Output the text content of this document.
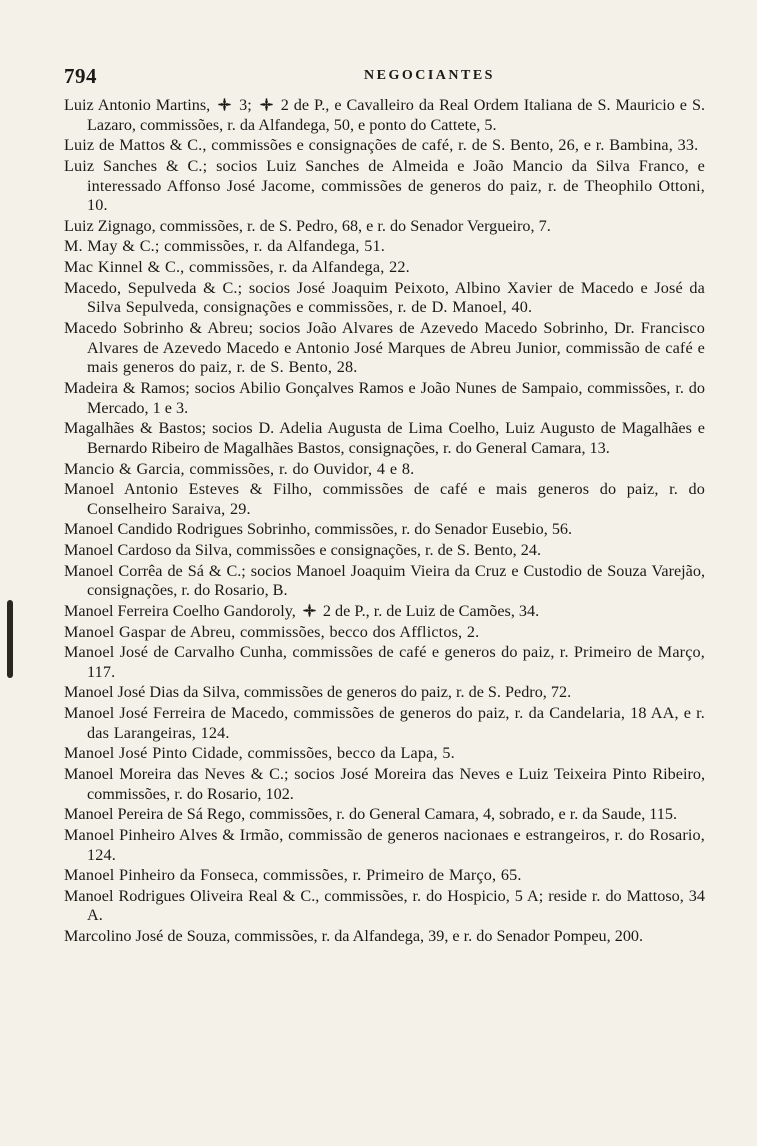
794	NEGOCIANTES
Luiz Antonio Martins, 3; 2 de P., e Cavalleiro da Real Ordem Italiana de S. Mauricio e S. Lazaro, commissões, r. da Alfandega, 50, e ponto do Cattete, 5.
Luiz de Mattos & C., commissões e consignações de café, r. de S. Bento, 26, e r. Bambina, 33.
Luiz Sanches & C.; socios Luiz Sanches de Almeida e João Mancio da Silva Franco, e interessado Affonso José Jacome, commissões de generos do paiz, r. de Theophilo Ottoni, 10.
Luiz Zignago, commissões, r. de S. Pedro, 68, e r. do Senador Vergueiro, 7.
M. May & C.; commissões, r. da Alfandega, 51.
Mac Kinnel & C., commissões, r. da Alfandega, 22.
Macedo, Sepulveda & C.; socios José Joaquim Peixoto, Albino Xavier de Macedo e José da Silva Sepulveda, consignações e commissões, r. de D. Manoel, 40.
Macedo Sobrinho & Abreu; socios João Alvares de Azevedo Macedo Sobrinho, Dr. Francisco Alvares de Azevedo Macedo e Antonio José Marques de Abreu Junior, commissão de café e mais generos do paiz, r. de S. Bento, 28.
Madeira & Ramos; socios Abilio Gonçalves Ramos e João Nunes de Sampaio, commissões, r. do Mercado, 1 e 3.
Magalhães & Bastos; socios D. Adelia Augusta de Lima Coelho, Luiz Augusto de Magalhães e Bernardo Ribeiro de Magalhães Bastos, consignações, r. do General Camara, 13.
Mancio & Garcia, commissões, r. do Ouvidor, 4 e 8.
Manoel Antonio Esteves & Filho, commissões de café e mais generos do paiz, r. do Conselheiro Saraiva, 29.
Manoel Candido Rodrigues Sobrinho, commissões, r. do Senador Eusebio, 56.
Manoel Cardoso da Silva, commissões e consignações, r. de S. Bento, 24.
Manoel Corrêa de Sá & C.; socios Manoel Joaquim Vieira da Cruz e Custodio de Souza Varejão, consignações, r. do Rosario, B.
Manoel Ferreira Coelho Gandoroly, 2 de P., r. de Luiz de Camões, 34.
Manoel Gaspar de Abreu, commissões, becco dos Afflictos, 2.
Manoel José de Carvalho Cunha, commissões de café e generos do paiz, r. Primeiro de Março, 117.
Manoel José Dias da Silva, commissões de generos do paiz, r. de S. Pedro, 72.
Manoel José Ferreira de Macedo, commissões de generos do paiz, r. da Candelaria, 18 AA, e r. das Larangeiras, 124.
Manoel José Pinto Cidade, commissões, becco da Lapa, 5.
Manoel Moreira das Neves & C.; socios José Moreira das Neves e Luiz Teixeira Pinto Ribeiro, commissões, r. do Rosario, 102.
Manoel Pereira de Sá Rego, commissões, r. do General Camara, 4, sobrado, e r. da Saude, 115.
Manoel Pinheiro Alves & Irmão, commissão de generos nacionaes e estrangeiros, r. do Rosario, 124.
Manoel Pinheiro da Fonseca, commissões, r. Primeiro de Março, 65.
Manoel Rodrigues Oliveira Real & C., commissões, r. do Hospicio, 5 A; reside r. do Mattoso, 34 A.
Marcolino José de Souza, commissões, r. da Alfandega, 39, e r. do Senador Pompeu, 200.
